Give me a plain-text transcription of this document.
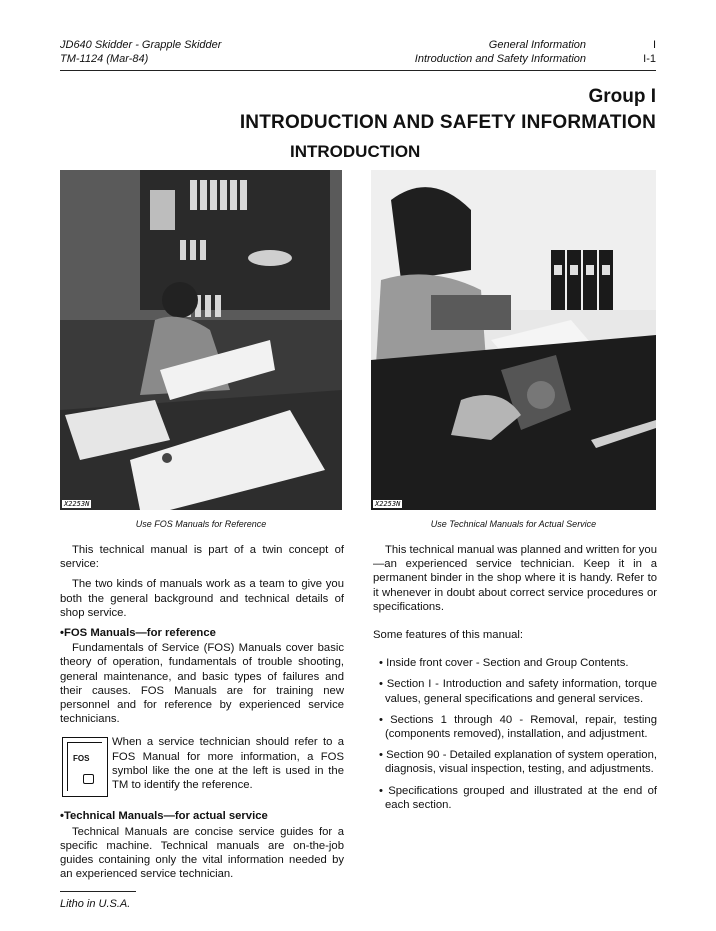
JD640 Skidder - Grapple Skidder
TM-1124 (Mar-84)
General Information
Introduction and Safety Information
I
I-1
Group I
INTRODUCTION AND SAFETY INFORMATION
INTRODUCTION
X2253N
Use FOS Manuals for Reference
X2253N
Use Technical Manuals for Actual Service

This technical manual is part of a twin concept of service:

The two kinds of manuals work as a team to give you both the general background and technical details of shop service.

•FOS Manuals—for reference

Fundamentals of Service (FOS) Manuals cover basic theory of operation, fundamentals of trouble shooting, general maintenance, and basic types of failures and their causes. FOS Manuals are for training new personnel and for reference by experienced service technicians.

FOS
When a service technician should refer to a FOS Manual for more information, a FOS symbol like the one at the left is used in the TM to identify the reference.
•Technical Manuals—for actual service

Technical Manuals are concise service guides for a specific machine. Technical manuals are on-the-job guides containing only the vital information needed by an experienced service technician.

This technical manual was planned and written for you—an experienced service technician. Keep it in a permanent binder in the shop where it is handy. Refer to it whenever in doubt about correct service procedures or specifications.

Some features of this manual:

• Inside front cover - Section and Group Contents.
• Section I - Introduction and safety information, torque values, general specifications and general services.
• Sections 1 through 40 - Removal, repair, testing (components removed), installation, and adjustment.
• Section 90 - Detailed explanation of system operation, diagnosis, visual inspection, testing, and adjustments.
• Specifications grouped and illustrated at the end of each section.
Litho in U.S.A.
